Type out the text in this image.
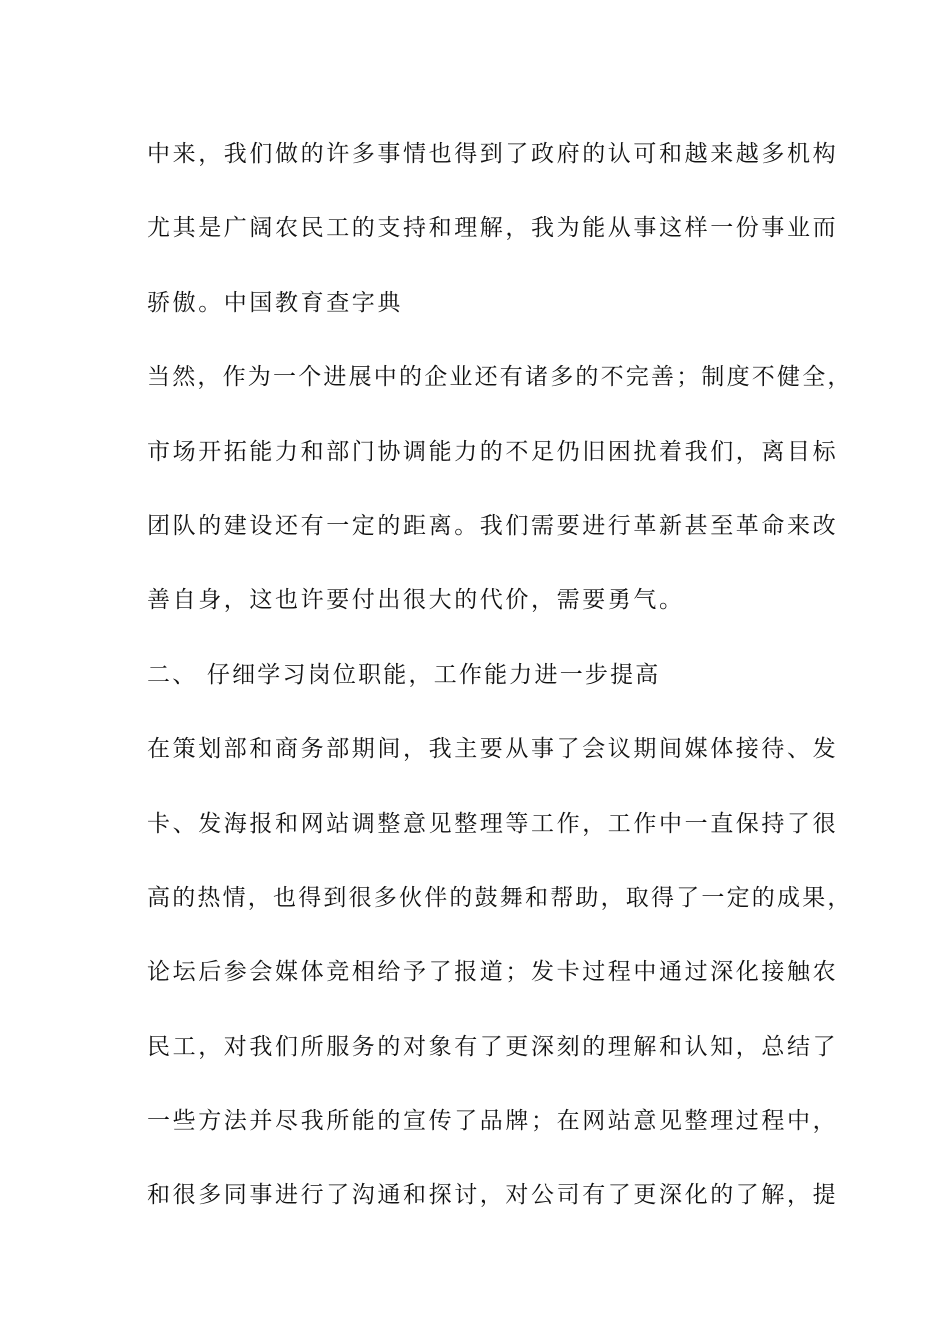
中来，我们做的许多事情也得到了政府的认可和越来越多机构

尤其是广阔农民工的支持和理解，我为能从事这样一份事业而

骄傲。中国教育查字典

当然，作为一个进展中的企业还有诸多的不完善；制度不健全，

市场开拓能力和部门协调能力的不足仍旧困扰着我们，离目标

团队的建设还有一定的距离。我们需要进行革新甚至革命来改

善自身，这也许要付出很大的代价，需要勇气。

二、 仔细学习岗位职能，工作能力进一步提高

在策划部和商务部期间，我主要从事了会议期间媒体接待、发

卡、发海报和网站调整意见整理等工作，工作中一直保持了很

高的热情，也得到很多伙伴的鼓舞和帮助，取得了一定的成果，

论坛后参会媒体竞相给予了报道；发卡过程中通过深化接触农

民工，对我们所服务的对象有了更深刻的理解和认知，总结了

一些方法并尽我所能的宣传了品牌；在网站意见整理过程中，

和很多同事进行了沟通和探讨，对公司有了更深化的了解，提
